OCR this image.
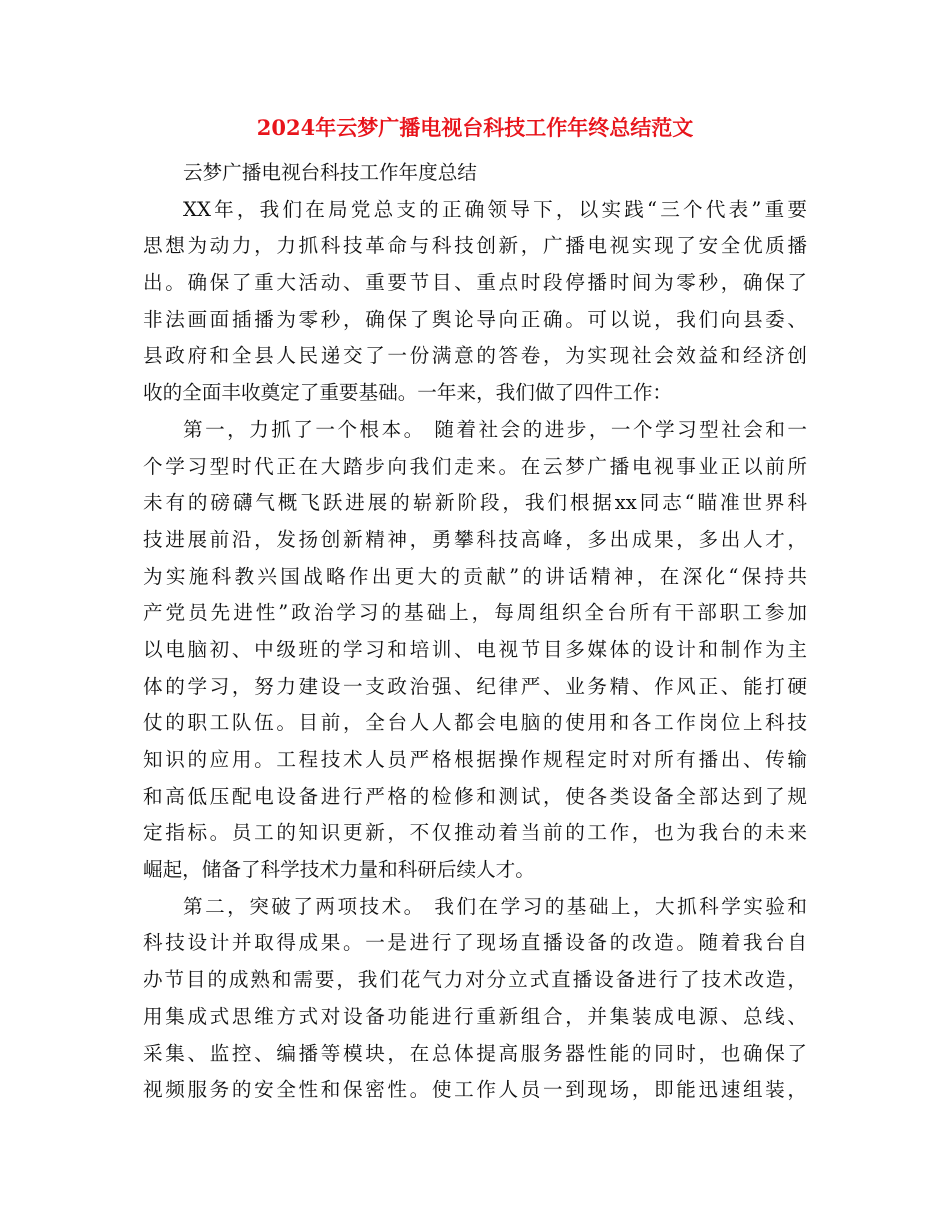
2024年云梦广播电视台科技工作年终总结范文

云梦广播电视台科技工作年度总结

XX年，我们在局党总支的正确领导下，以实践“三个代表”重要

思想为动力，力抓科技革命与科技创新，广播电视实现了安全优质播

出。确保了重大活动、重要节目、重点时段停播时间为零秒，确保了

非法画面插播为零秒，确保了舆论导向正确。可以说，我们向县委、

县政府和全县人民递交了一份满意的答卷，为实现社会效益和经济创

收的全面丰收奠定了重要基础。一年来，我们做了四件工作：

第一，力抓了一个根本。 随着社会的进步，一个学习型社会和一

个学习型时代正在大踏步向我们走来。在云梦广播电视事业正以前所

未有的磅礴气概飞跃进展的崭新阶段，我们根据xx同志“瞄准世界科

技进展前沿，发扬创新精神，勇攀科技高峰，多出成果，多出人才，

为实施科教兴国战略作出更大的贡献”的讲话精神，在深化“保持共

产党员先进性”政治学习的基础上，每周组织全台所有干部职工参加

以电脑初、中级班的学习和培训、电视节目多媒体的设计和制作为主

体的学习，努力建设一支政治强、纪律严、业务精、作风正、能打硬

仗的职工队伍。目前，全台人人都会电脑的使用和各工作岗位上科技

知识的应用。工程技术人员严格根据操作规程定时对所有播出、传输

和高低压配电设备进行严格的检修和测试，使各类设备全部达到了规

定指标。员工的知识更新，不仅推动着当前的工作，也为我台的未来

崛起，储备了科学技术力量和科研后续人才。

第二，突破了两项技术。 我们在学习的基础上，大抓科学实验和

科技设计并取得成果。一是进行了现场直播设备的改造。随着我台自

办节目的成熟和需要，我们花气力对分立式直播设备进行了技术改造，

用集成式思维方式对设备功能进行重新组合，并集装成电源、总线、

采集、监控、编播等模块，在总体提高服务器性能的同时，也确保了

视频服务的安全性和保密性。使工作人员一到现场，即能迅速组装，
